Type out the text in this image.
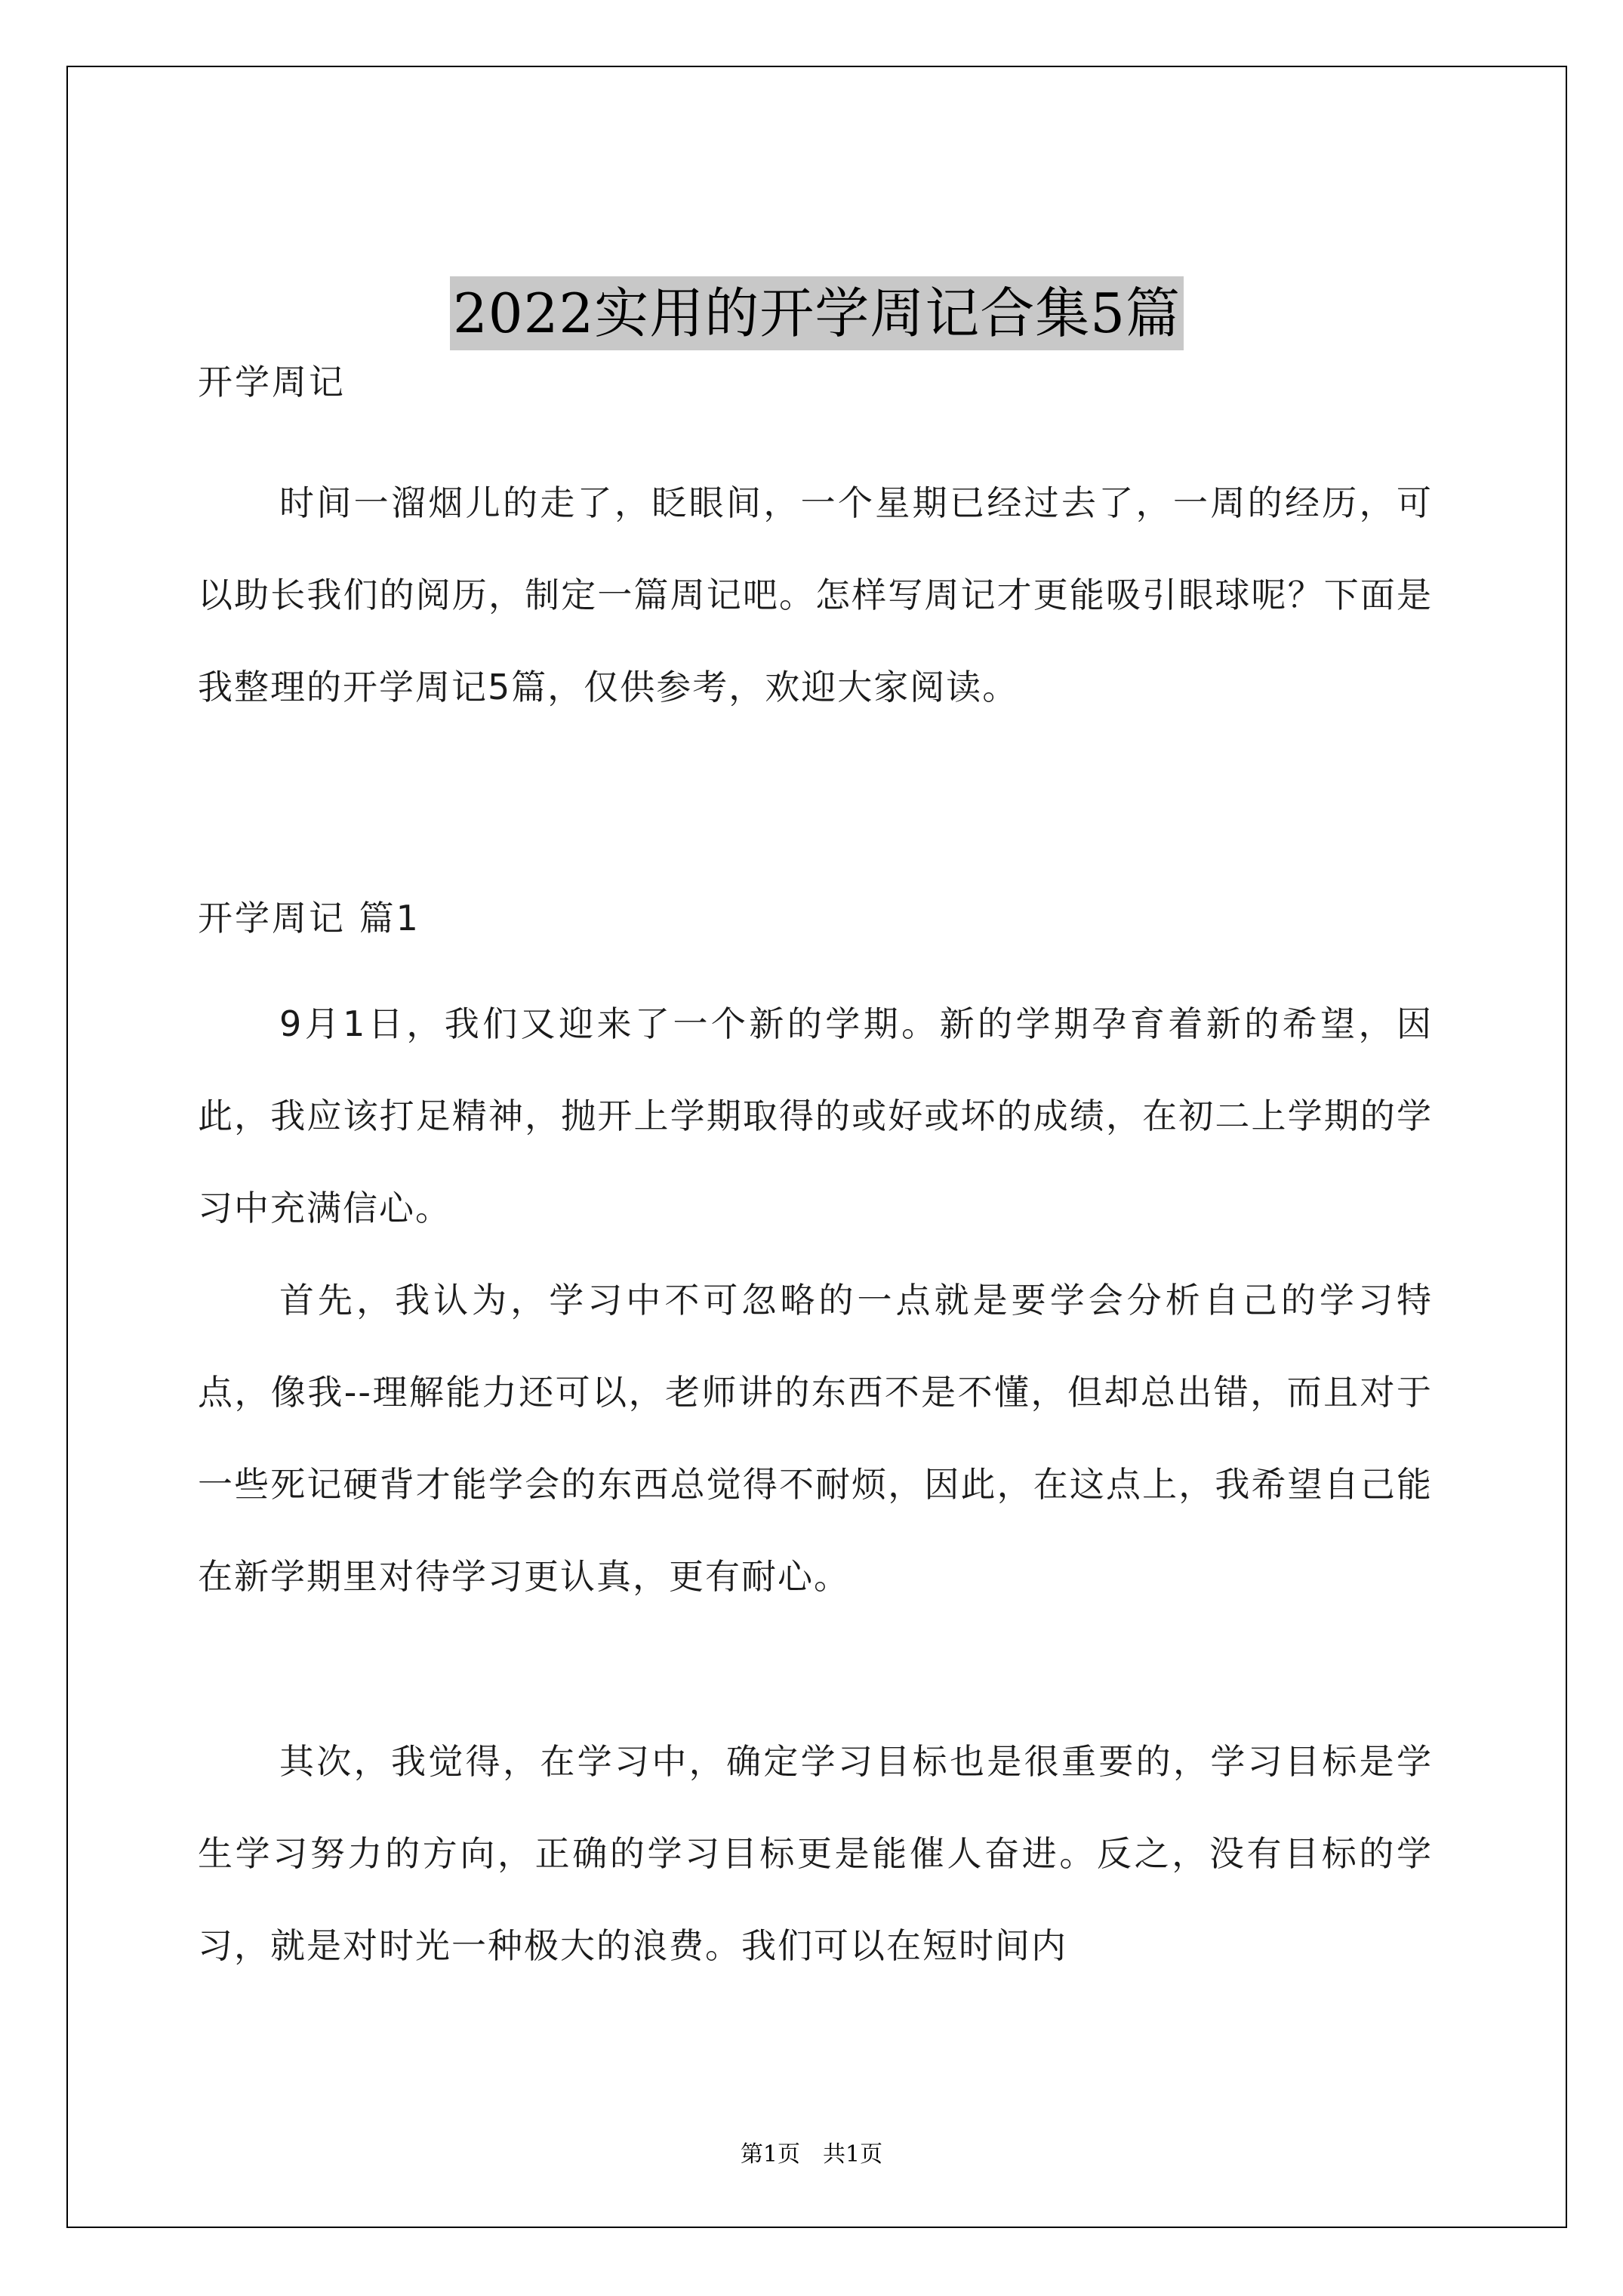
2022实用的开学周记合集5篇
开学周记
时间一溜烟儿的走了，眨眼间，一个星期已经过去了，一周的经历，可以助长我们的阅历，制定一篇周记吧。怎样写周记才更能吸引眼球呢？下面是我整理的开学周记5篇，仅供参考，欢迎大家阅读。
开学周记 篇1
9月1日，我们又迎来了一个新的学期。新的学期孕育着新的希望，因此，我应该打足精神，抛开上学期取得的或好或坏的成绩，在初二上学期的学习中充满信心。
首先，我认为，学习中不可忽略的一点就是要学会分析自己的学习特点，像我--理解能力还可以，老师讲的东西不是不懂，但却总出错，而且对于一些死记硬背才能学会的东西总觉得不耐烦，因此，在这点上，我希望自己能在新学期里对待学习更认真，更有耐心。
其次，我觉得，在学习中，确定学习目标也是很重要的，学习目标是学生学习努力的方向，正确的学习目标更是能催人奋进。反之，没有目标的学习，就是对时光一种极大的浪费。我们可以在短时间内
第1页　共1页
